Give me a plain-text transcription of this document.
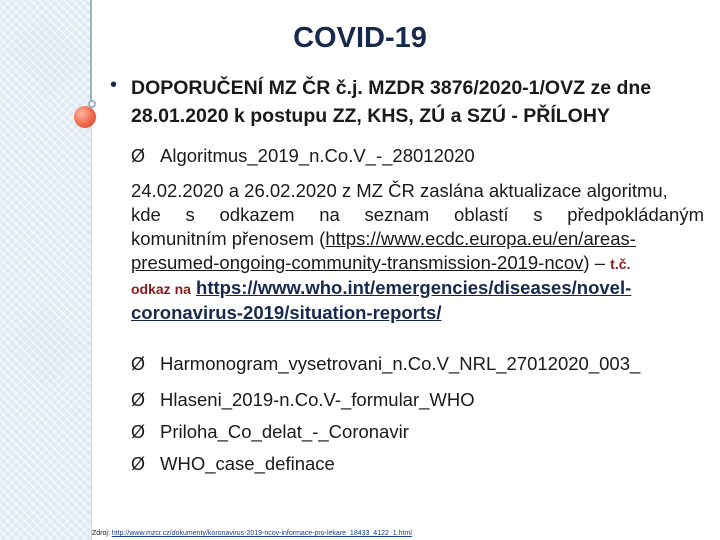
COVID-19
• DOPORUČENÍ MZ ČR č.j. MZDR 3876/2020-1/OVZ ze dne
28.01.2020 k postupu ZZ, KHS, ZÚ a SZÚ - PŘÍLOHY
Ø Algoritmus_2019_n.Co.V_-_28012020
24.02.2020 a 26.02.2020 z MZ ČR zaslána aktualizace algoritmu,
kde s odkazem na seznam oblastí s předpokládaným
komunitním přenosem (https://www.ecdc.europa.eu/en/areas-
presumed-ongoing-community-transmission-2019-ncov) – t.č.
odkaz na https://www.who.int/emergencies/diseases/novel-
coronavirus-2019/situation-reports/
Ø Harmonogram_vysetrovani_n.Co.V_NRL_27012020_003_
Ø Hlaseni_2019-n.Co.V-_formular_WHO
Ø Priloha_Co_delat_-_Coronavir
Ø WHO_case_definace
Zdroj: http://www.mzcr.cz/dokumenty/koronavirus-2019-ncov-informace-pro-lekare_18433_4122_1.html
